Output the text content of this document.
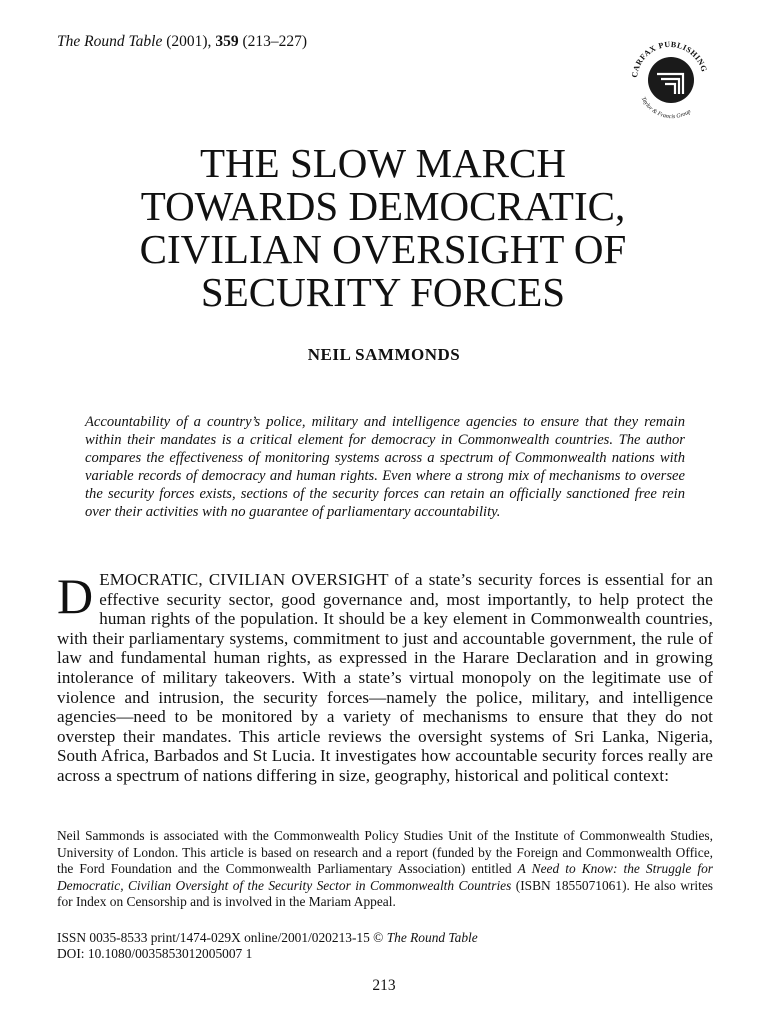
The Round Table (2001), 359 (213–227)
CARFAX PUBLISHING
Taylor & Francis Group
THE SLOW MARCH
TOWARDS DEMOCRATIC,
CIVILIAN OVERSIGHT OF
SECURITY FORCES
NEIL SAMMONDS

Accountability of a country’s police, military and intelligence agencies to ensure that they remain within their mandates is a critical element for democracy in Commonwealth countries. The author compares the effectiveness of monitoring systems across a spectrum of Commonwealth nations with variable records of democracy and human rights. Even where a strong mix of mechanisms to oversee the security forces exists, sections of the security forces can retain an officially sanctioned free rein over their activities with no guarantee of parliamentary accountability.

DEMOCRATIC, CIVILIAN OVERSIGHT of a state’s security forces is essential for an effective security sector, good governance and, most importantly, to help protect the human rights of the population. It should be a key element in Commonwealth countries, with their parliamentary systems, commitment to just and accountable government, the rule of law and fundamental human rights, as expressed in the Harare Declaration and in growing intolerance of military takeovers. With a state’s virtual monopoly on the legitimate use of violence and intrusion, the security forces—namely the police, military, and intelligence agencies—need to be monitored by a variety of mechanisms to ensure that they do not overstep their mandates. This article reviews the oversight systems of Sri Lanka, Nigeria, South Africa, Barbados and St Lucia. It investigates how accountable security forces really are across a spectrum of nations differing in size, geography, historical and political context:
Neil Sammonds is associated with the Commonwealth Policy Studies Unit of the Institute of Commonwealth Studies, University of London. This article is based on research and a report (funded by the Foreign and Commonwealth Office, the Ford Foundation and the Commonwealth Parliamentary Association) entitled A Need to Know: the Struggle for Democratic, Civilian Oversight of the Security Sector in Commonwealth Countries (ISBN 1855071061). He also writes for Index on Censorship and is involved in the Mariam Appeal.
ISSN 0035-8533 print/1474-029X online/2001/020213-15 © The Round Table
DOI: 10.1080/0035853012005007 1
213
